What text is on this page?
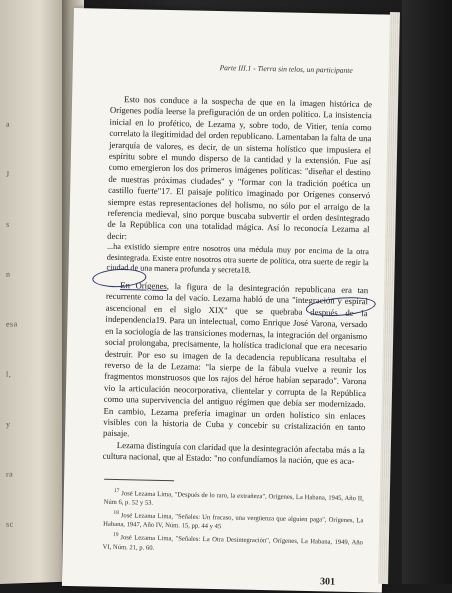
a
J
s
n
esa
l,
y
ra
sc
Parte III.1 - Tierra sin telos, un participante

Esto nos conduce a la sospecha de que en la imagen histórica de Orígenes podía leerse la prefiguración de un orden político. La insistencia inicial en lo profético, de Lezama y, sobre todo, de Vitier, tenía como correlato la ilegitimidad del orden republicano. Lamentaban la falta de una jerarquía de valores, es decir, de un sistema holístico que impusiera el espíritu sobre el mundo disperso de la cantidad y la extensión. Fue así como emergieron los dos primeros imágenes políticas: "diseñar el destino de nuestras próximas ciudades" y "formar con la tradición poética un castillo fuerte"17. El paisaje político imaginado por Orígenes conservó siempre estas representaciones del holismo, no sólo por el arraigo de la referencia medieval, sino porque buscaba subvertir el orden desintegrado de la República con una totalidad mágica. Así lo reconocía Lezama al decir:

...ha existido siempre entre nosotros una médula muy por encima de la otra desintegrada. Existe entre nosotros otra suerte de política, otra suerte de regir la ciudad de una manera profunda y secreta18.

En Orígenes, la figura de la desintegración republicana era tan recurrente como la del vacío. Lezama habló de una "integración y espiral ascencional en el siglo XIX" que se quebraba después de la independencia19. Para un intelectual, como Enrique José Varona, versado en la sociología de las transiciones modernas, la integración del organismo social prolongaba, precisamente, la holística tradicional que era necesario destruir. Por eso su imagen de la decadencia republicana resultaba el reverso de la de Lezama: "la sierpe de la fábula vuelve a reunir los fragmentos monstruosos que los rajos del héroe habían separado". Varona vio la articulación neocorporativa, clientelar y corrupta de la República como una supervivencia del antiguo régimen que debía ser modernizado. En cambio, Lezama prefería imaginar un orden holístico sin enlaces visibles con la historia de Cuba y concebir su cristalización en tanto paisaje.

Lezama distinguía con claridad que la desintegración afectaba más a la cultura nacional, que al Estado: "no confundíamos la nación, que es aca-

$^{17}$ José Lezama Lima, "Después de lo raro, la extrañeza", Orígenes, La Habana, 1945, Año II, Núm 6, p. 52 y 53.

$^{18}$ José Lezama Lima, "Señales: Un fracaso, una vergüenza que alguien paga", Orígenes, La Habana, 1947, Año IV, Núm. 15, pp. 44 y 45

$^{19}$ José Lezama Lima, "Señales: La Otra Desintegración", Orígenes, La Habana, 1949, Año VI, Núm. 21, p. 60.

301
